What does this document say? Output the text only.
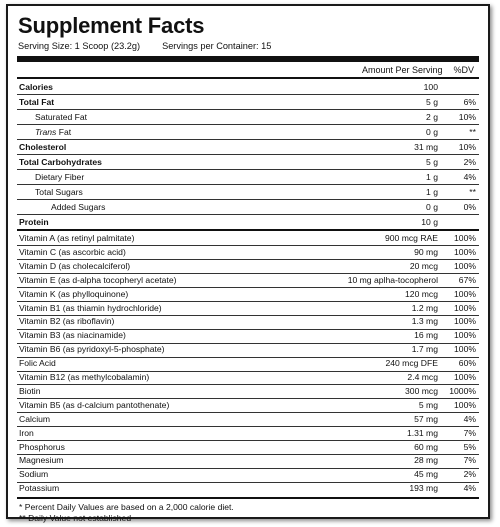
Supplement Facts
Serving Size: 1 Scoop (23.2g) Servings per Container: 15
Amount Per Serving %DV
Calories	100
Total Fat	5 g	6%
Saturated Fat	2 g 10%
Trans Fat	0 g	**
Cholesterol	31 mg 10%
Total Carbohydrates	5 g	2%
Dietary Fiber	1 g	4%
Total Sugars	1 g	**
Added Sugars	0 g	0%
Protein	10 g
Vitamin A (as retinyl palmitate)	900 mcg RAE 100%
Vitamin C (as ascorbic acid)	90 mg 100%
Vitamin D (as cholecalciferol)	20 mcg 100%
Vitamin E (as d-alpha tocopheryl acetate)	10 mg aplha-tocopherol 67%
Vitamin K (as phylloquinone)	120 mcg 100%
Vitamin B1 (as thiamin hydrochloride)	1.2 mg 100%
Vitamin B2 (as riboflavin)	1.3 mg 100%
Vitamin B3 (as niacinamide)	16 mg 100%
Vitamin B6 (as pyridoxyl-5-phosphate)	1.7 mg 100%
Folic Acid	240 mcg DFE 60%
Vitamin B12 (as methylcobalamin)	2.4 mcg 100%
Biotin	300 mcg 1000%
Vitamin B5 (as d-calcium pantothenate)	5 mg 100%
Calcium	57 mg	4%
Iron	1.31 mg	7%
Phosphorus	60 mg	5%
Magnesium	28 mg	7%
Sodium	45 mg	2%
Potassium	193 mg	4%
* Percent Daily Values are based on a 2,000 calorie diet.
** Daily Value not established
